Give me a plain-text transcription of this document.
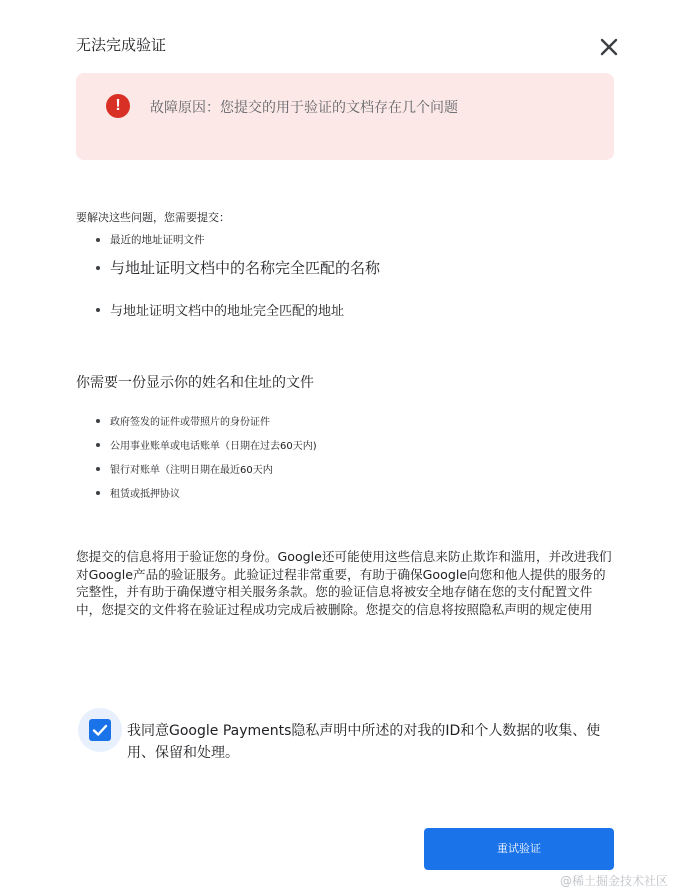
无法完成验证
!	故障原因：您提交的用于验证的文档存在几个问题
要解决这些问题，您需要提交：
最近的地址证明文件
与地址证明文档中的名称完全匹配的名称
与地址证明文档中的地址完全匹配的地址
你需要一份显示你的姓名和住址的文件
政府签发的证件或带照片的身份证件
公用事业账单或电话账单（日期在过去60天内)
银行对账单（注明日期在最近60天内
租赁或抵押协议
您提交的信息将用于验证您的身份。Google还可能使用这些信息来防止欺诈和滥用，并改进我们对Google产品的验证服务。此验证过程非常重要，有助于确保Google向您和他人提供的服务的完整性，并有助于确保遵守相关服务条款。您的验证信息将被安全地存储在您的支付配置文件中，您提交的文件将在验证过程成功完成后被删除。您提交的信息将按照隐私声明的规定使用
我同意Google Payments隐私声明中所述的对我的ID和个人数据的收集、使用、保留和处理。
重试验证
@稀土掘金技术社区
